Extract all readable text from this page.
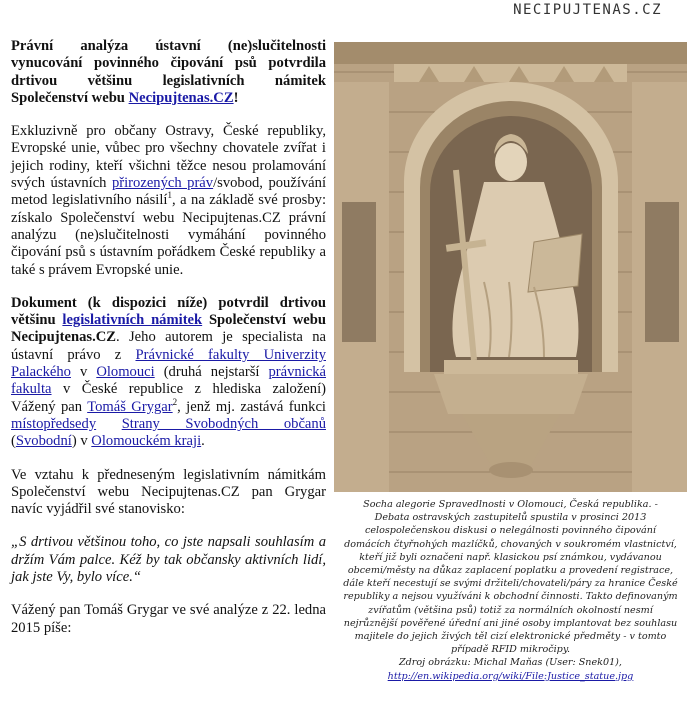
NECIPUJTENAS.CZ

Právní analýza ústavní (ne)slučitelnosti vynucování povinného čipování psů potvrdila drtivou většinu legislativních námitek Společenství webu Necipujtenas.CZ!

Exkluzivně pro občany Ostravy, České republiky, Evropské unie, vůbec pro všechny chovatele zvířat i jejich rodiny, kteří všichni těžce nesou prolamování svých ústavních přirozených práv/svobod, používání metod legislativního násilí$^1$, a na základě své prosby: získalo Společenství webu Necipujtenas.CZ právní analýzu (ne)slučitelnosti vymáhání povinného čipování psů s ústavním pořádkem České republiky a také s právem Evropské unie.

Dokument (k dispozici níže) potvrdil drtivou většinu legislativních námitek Společenství webu Necipujtenas.CZ. Jeho autorem je specialista na ústavní právo z Právnické fakulty Univerzity Palackého v Olomouci (druhá nejstarší právnická fakulta v České republice z hlediska založení) Vážený pan Tomáš Grygar$^2$, jenž mj. zastává funkci místopředsedy Strany Svobodných občanů (Svobodní) v Olomouckém kraji.

Ve vztahu k předneseným legislativním námitkám Společenství webu Necipujtenas.CZ pan Grygar navíc vyjádřil své stanovisko:

„S drtivou většinou toho, co jste napsali souhlasím a držím Vám palce. Kéž by tak občansky aktivních lidí, jak jste Vy, bylo více.“

Vážený pan Tomáš Grygar ve své analýze z 22. ledna 2015 píše:

Socha alegorie Spravedlnosti v Olomouci, Česká republika. -
Debata ostravských zastupitelů spustila v prosinci 2013
celospolečenskou diskusi o nelegálnosti povinného čipování
domácích čtyřnohých mazlíčků, chovaných v soukromém vlastnictví,
kteří již byli označeni např. klasickou psí známkou, vydávanou
obcemi/městy na důkaz zaplacení poplatku a provedení registrace,
dále kteří necestují se svými držiteli/chovateli/páry za hranice České
republiky a nejsou využíváni k obchodní činnosti. Takto definovaným
zvířatům (většina psů) totiž za normálních okolností nesmí
nejrůznější pověřené úřední ani jiné osoby implantovat bez souhlasu
majitele do jejich živých těl cizí elektronické předměty - v tomto
případě RFID mikročipy.
Zdroj obrázku: Michal Maňas (User: Snek01),
http://en.wikipedia.org/wiki/File:Justice_statue.jpg
